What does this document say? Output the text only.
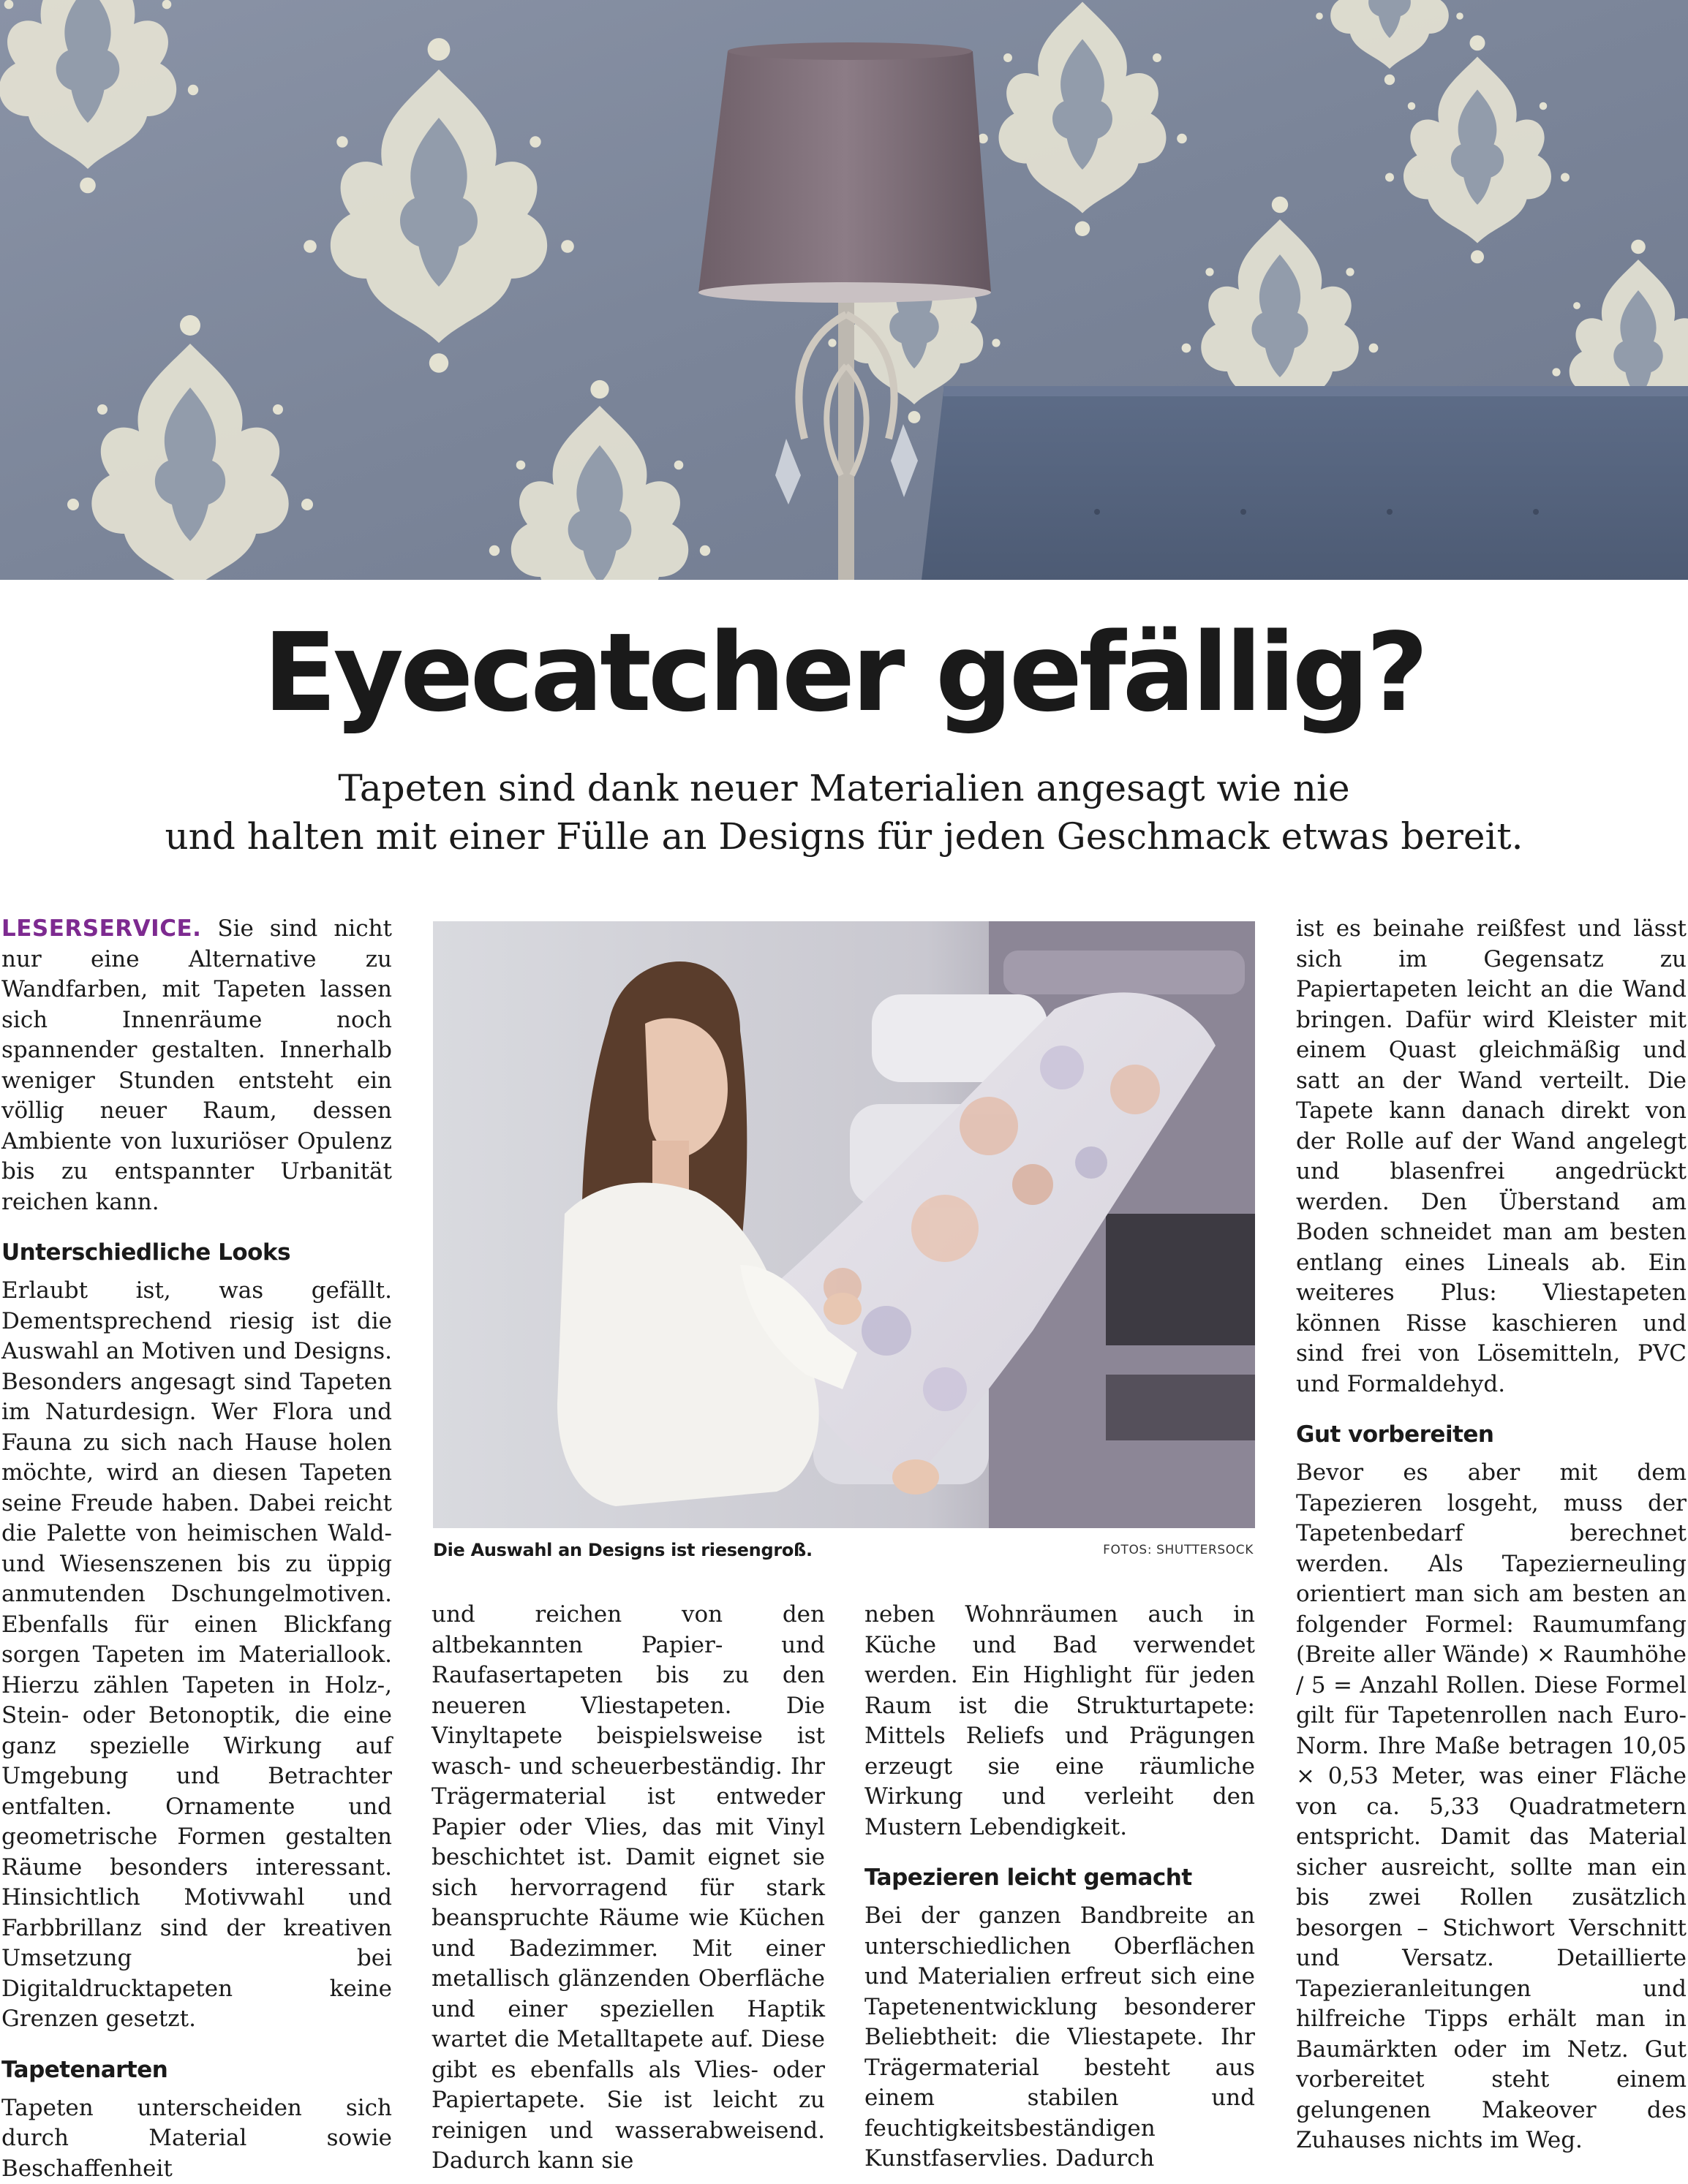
Eyecatcher gefällig?
Tapeten sind dank neuer Materialien angesagt wie nie
und halten mit einer Fülle an Designs für jeden Geschmack etwas bereit.

LESERSERVICE. Sie sind nicht nur eine Alternative zu Wandfarben, mit Tapeten lassen sich Innenräume noch spannender gestalten. Innerhalb weniger Stunden entsteht ein völlig neuer Raum, dessen Ambiente von luxuriöser Opulenz bis zu entspannter Urbanität reichen kann.

Unterschiedliche Looks

Erlaubt ist, was gefällt. Dementsprechend riesig ist die Auswahl an Motiven und Designs. Besonders angesagt sind Tapeten im Naturdesign. Wer Flora und Fauna zu sich nach Hause holen möchte, wird an diesen Tapeten seine Freude haben. Dabei reicht die Palette von heimischen Wald- und Wiesenszenen bis zu üppig anmutenden Dschungelmotiven. Ebenfalls für einen Blickfang sorgen Tapeten im Materiallook. Hierzu zählen Tapeten in Holz-, Stein- oder Betonoptik, die eine ganz spezielle Wirkung auf Umgebung und Betrachter entfalten. Ornamente und geometrische Formen gestalten Räume besonders interessant. Hinsichtlich Motivwahl und Farbbrillanz sind der kreativen Umsetzung bei Digitaldrucktapeten keine Grenzen gesetzt.

Tapetenarten

Tapeten unterscheiden sich durch Material sowie Beschaffenheit

Die Auswahl an Designs ist riesengroß.	FOTOS: SHUTTERSOCK

und reichen von den altbekannten Papier- und Raufasertapeten bis zu den neueren Vliestapeten. Die Vinyltapete beispielsweise ist wasch- und scheuerbeständig. Ihr Trägermaterial ist entweder Papier oder Vlies, das mit Vinyl beschichtet ist. Damit eignet sie sich hervorragend für stark beanspruchte Räume wie Küchen und Badezimmer. Mit einer metallisch glänzenden Oberfläche und einer speziellen Haptik wartet die Metalltapete auf. Diese gibt es ebenfalls als Vlies- oder Papiertapete. Sie ist leicht zu reinigen und wasserabweisend. Dadurch kann sie

neben Wohnräumen auch in Küche und Bad verwendet werden. Ein Highlight für jeden Raum ist die Strukturtapete: Mittels Reliefs und Prägungen erzeugt sie eine räumliche Wirkung und verleiht den Mustern Lebendigkeit.

Tapezieren leicht gemacht

Bei der ganzen Bandbreite an unterschiedlichen Oberflächen und Materialien erfreut sich eine Tapetenentwicklung besonderer Beliebtheit: die Vliestapete. Ihr Trägermaterial besteht aus einem stabilen und feuchtigkeitsbeständigen Kunstfaservlies. Dadurch

ist es beinahe reißfest und lässt sich im Gegensatz zu Papiertapeten leicht an die Wand bringen. Dafür wird Kleister mit einem Quast gleichmäßig und satt an der Wand verteilt. Die Tapete kann danach direkt von der Rolle auf der Wand angelegt und blasenfrei angedrückt werden. Den Überstand am Boden schneidet man am besten entlang eines Lineals ab. Ein weiteres Plus: Vliestapeten können Risse kaschieren und sind frei von Lösemitteln, PVC und Formaldehyd.

Gut vorbereiten

Bevor es aber mit dem Tapezieren losgeht, muss der Tapetenbedarf berechnet werden. Als Tapezierneuling orientiert man sich am besten an folgender Formel: Raumumfang (Breite aller Wände) × Raumhöhe / 5 = Anzahl Rollen. Diese Formel gilt für Tapetenrollen nach Euro-Norm. Ihre Maße betragen 10,05 × 0,53 Meter, was einer Fläche von ca. 5,33 Quadratmetern entspricht. Damit das Material sicher ausreicht, sollte man ein bis zwei Rollen zusätzlich besorgen – Stichwort Verschnitt und Versatz. Detaillierte Tapezieranleitungen und hilfreiche Tipps erhält man in Baumärkten oder im Netz. Gut vorbereitet steht einem gelungenen Makeover des Zuhauses nichts im Weg.
